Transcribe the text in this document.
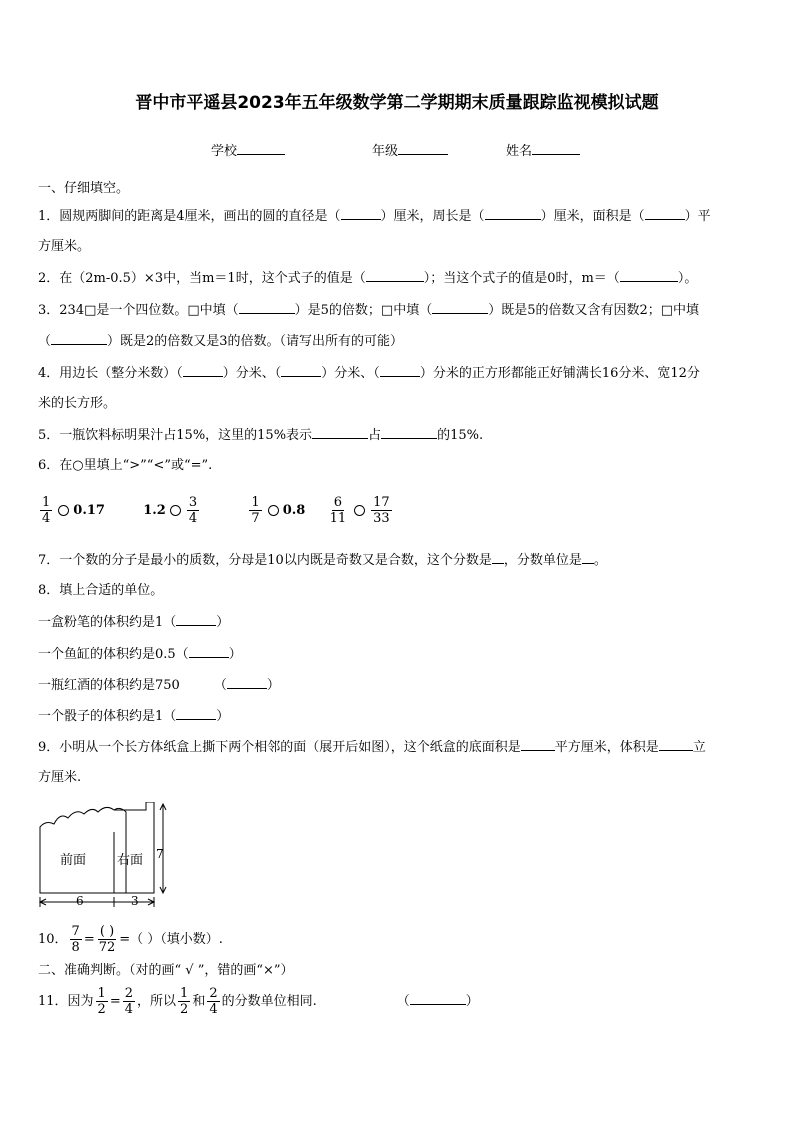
晋中市平遥县2023年五年级数学第二学期期末质量跟踪监视模拟试题
学校	年级	姓名
一、仔细填空。
1．圆规两脚间的距离是4厘米，画出的圆的直径是（	）厘米，周长是（	）厘米，面积是（	）平
方厘米。
2．在（2m-0.5）×3中，当m＝1时，这个式子的值是（	）；当这个式子的值是0时，m＝（	）。
3．234□是一个四位数。□中填（	）是5的倍数；□中填（	）既是5的倍数又含有因数2；□中填
（	）既是2的倍数又是3的倍数。（请写出所有的可能）
4．用边长（整分米数）（	）分米、（	）分米、（	）分米的正方形都能正好铺满长16分米、宽12分
米的长方形。
5．一瓶饮料标明果汁占15%，这里的15%表示	占	的15%.
6．在○里填上“>”“<”或“=”.
$\frac{1}{4} 0.17$	$1.2 \frac{3}{4}$
	$\frac{1}{7} 0.8 \frac{6}{11} \frac{17}{33}$
7．一个数的分子是最小的质数，分母是10以内既是奇数又是合数，这个分数是 ，分数单位是 。
8．填上合适的单位。
一盒粉笔的体积约是1（	）
一个鱼缸的体积约是0.5（	）
一瓶红酒的体积约是750	（	）
一个骰子的体积约是1（	）
9．小明从一个长方体纸盒上撕下两个相邻的面（展开后如图），这个纸盒的底面积是	平方厘米，体积是	立
方厘米.
前面 右面 7
6	3
10． $\frac{7}{8} = \frac{( )}{72}$ =（ ）（填小数）.
二、准确判断。（对的画“ √ ”，错的画“×”）
11．因为 $\frac{1}{2} = \frac{2}{4}$ ，所以 $\frac{1}{2}$ 和 $\frac{2}{4}$ 的分数单位相同.	（	）
